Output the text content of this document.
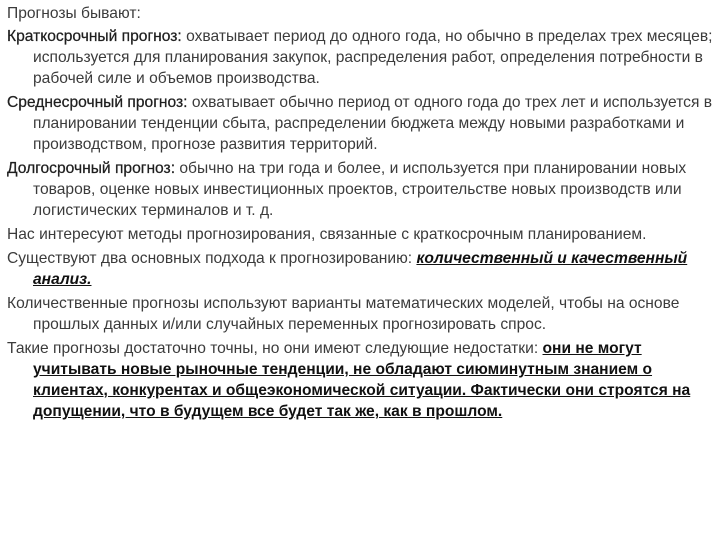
Прогнозы бывают:
Краткосрочный прогноз: охватывает период до одного года, но обычно в пределах трех месяцев; используется для планирования закупок, распределения работ, определения потребности в рабочей силе и объемов производства.
Среднесрочный прогноз: охватывает обычно период от одного года до трех лет и используется в планировании тенденции сбыта, распределении бюджета между новыми разработками и производством, прогнозе развития территорий.
Долгосрочный прогноз: обычно на три года и более, и используется при планировании новых товаров, оценке новых инвестиционных проектов, строительстве новых производств или логистических терминалов и т. д.
Нас интересуют методы прогнозирования, связанные с краткосрочным планированием.
Существуют два основных подхода к прогнозированию: количественный и качественный анализ.
Количественные прогнозы используют варианты математических моделей, чтобы на основе прошлых данных и/или случайных переменных прогнозировать спрос.
Такие прогнозы достаточно точны, но они имеют следующие недостатки: они не могут учитывать новые рыночные тенденции, не обладают сиюминутным знанием о клиентах, конкурентах и общеэкономической ситуации. Фактически они строятся на допущении, что в будущем все будет так же, как в прошлом.
